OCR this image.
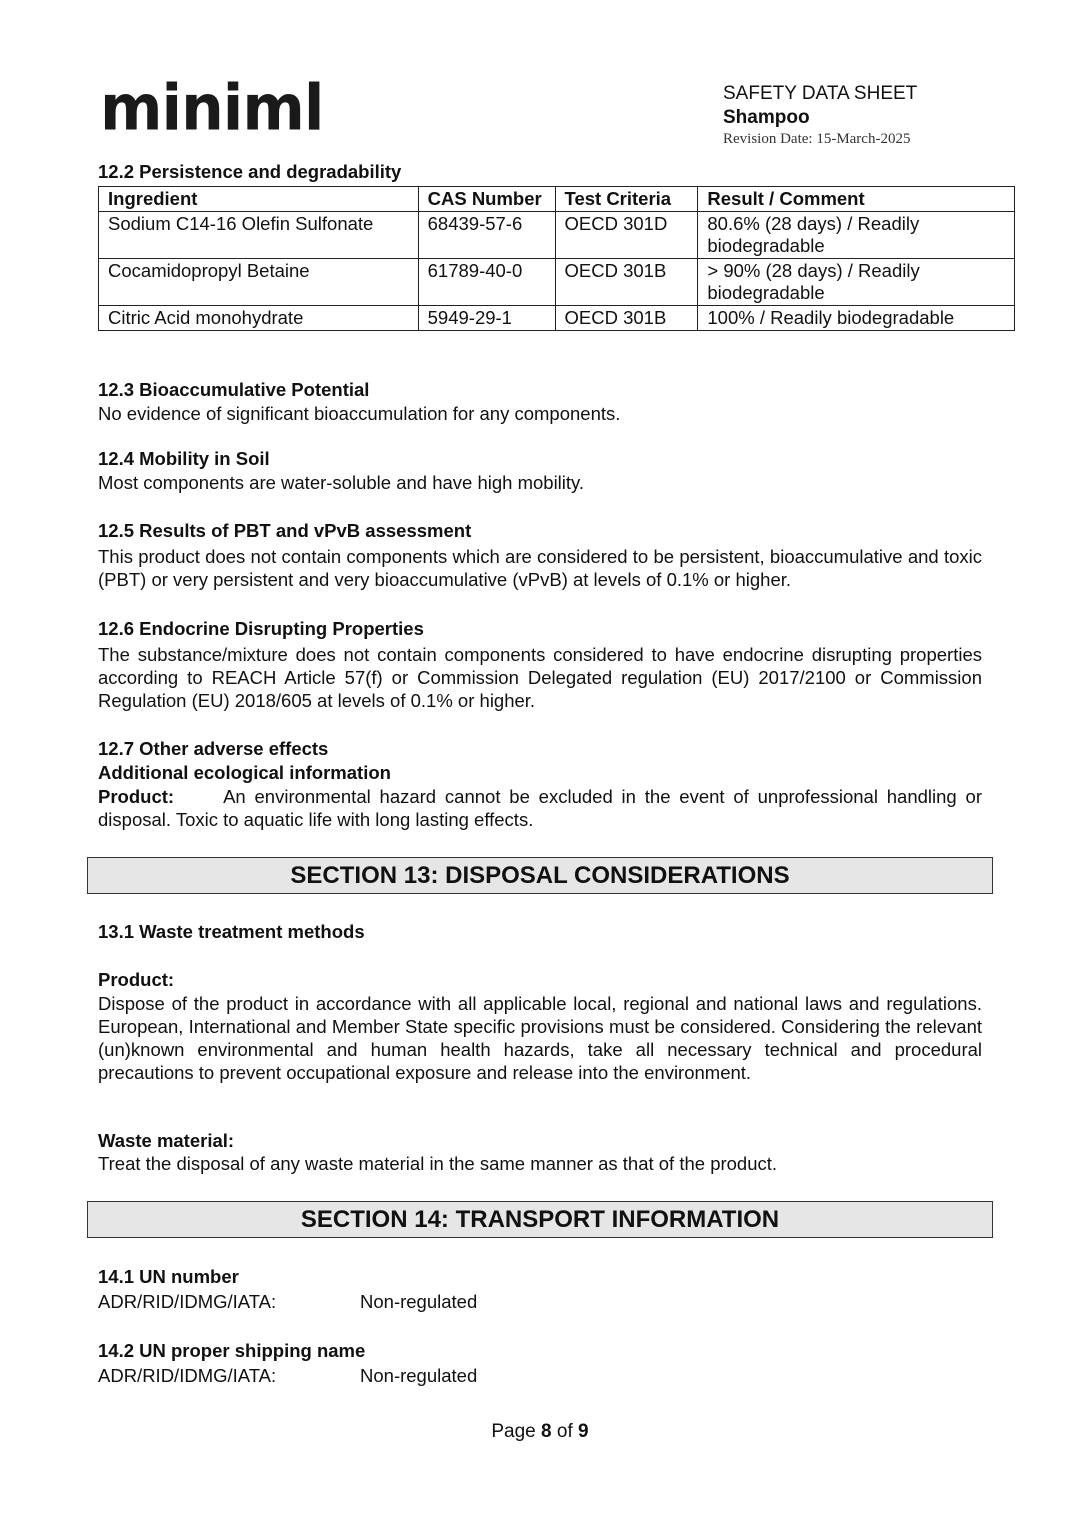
miniml	SAFETY DATA SHEET
Shampoo
Revision Date: 15-March-2025
12.2 Persistence and degradability
Ingredient	CAS Number	Test Criteria	Result / Comment
Sodium C14-16 Olefin Sulfonate	68439-57-6	OECD 301D	80.6% (28 days) / Readily biodegradable
Cocamidopropyl Betaine	61789-40-0	OECD 301B	> 90% (28 days) / Readily biodegradable
Citric Acid monohydrate	5949-29-1	OECD 301B	100% / Readily biodegradable
12.3 Bioaccumulative Potential
No evidence of significant bioaccumulation for any components.
12.4 Mobility in Soil
Most components are water-soluble and have high mobility.
12.5 Results of PBT and vPvB assessment
This product does not contain components which are considered to be persistent, bioaccumulative and toxic (PBT) or very persistent and very bioaccumulative (vPvB) at levels of 0.1% or higher.
12.6 Endocrine Disrupting Properties
The substance/mixture does not contain components considered to have endocrine disrupting properties according to REACH Article 57(f) or Commission Delegated regulation (EU) 2017/2100 or Commission Regulation (EU) 2018/605 at levels of 0.1% or higher.
12.7 Other adverse effects
Additional ecological information
Product:	An environmental hazard cannot be excluded in the event of unprofessional handling or disposal. Toxic to aquatic life with long lasting effects.
SECTION 13: DISPOSAL CONSIDERATIONS
13.1 Waste treatment methods
Product:
Dispose of the product in accordance with all applicable local, regional and national laws and regulations. European, International and Member State specific provisions must be considered. Considering the relevant (un)known environmental and human health hazards, take all necessary technical and procedural precautions to prevent occupational exposure and release into the environment.
Waste material:
Treat the disposal of any waste material in the same manner as that of the product.
SECTION 14: TRANSPORT INFORMATION
14.1 UN number
ADR/RID/IDMG/IATA:	Non-regulated
14.2 UN proper shipping name
ADR/RID/IDMG/IATA:	Non-regulated
Page 8 of 9
